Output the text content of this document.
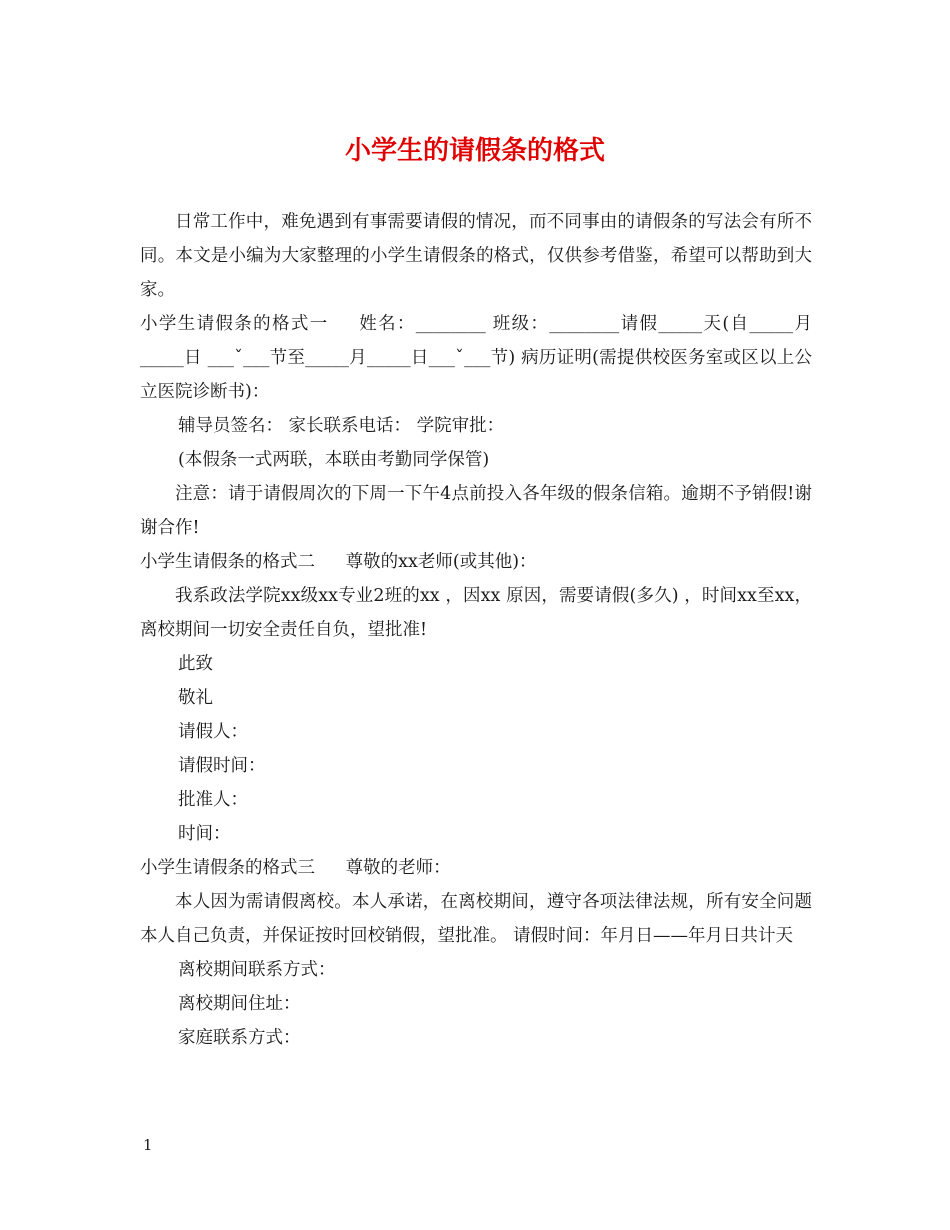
小学生的请假条的格式

日常工作中，难免遇到有事需要请假的情况，而不同事由的请假条的写法会有所不同。本文是小编为大家整理的小学生请假条的格式，仅供参考借鉴，希望可以帮助到大家。

小学生请假条的格式一 姓名：________ 班级：________请假_____天(自_____月_____日 ___ˇ___节至_____月_____日___ˇ___节) 病历证明(需提供校医务室或区以上公立医院诊断书)：

辅导员签名： 家长联系电话： 学院审批：

(本假条一式两联，本联由考勤同学保管)

注意：请于请假周次的下周一下午4点前投入各年级的假条信箱。逾期不予销假!谢谢合作!

小学生请假条的格式二 尊敬的xx老师(或其他)：

我系政法学院xx级xx专业2班的xx ，因xx 原因，需要请假(多久) ，时间xx至xx，离校期间一切安全责任自负，望批准!

此致

敬礼

请假人：

请假时间：

批准人：

时间：

小学生请假条的格式三 尊敬的老师：

本人因为需请假离校。本人承诺，在离校期间，遵守各项法律法规，所有安全问题本人自己负责，并保证按时回校销假，望批准。 请假时间：年月日——年月日共计天

离校期间联系方式：

离校期间住址：

家庭联系方式：

1
